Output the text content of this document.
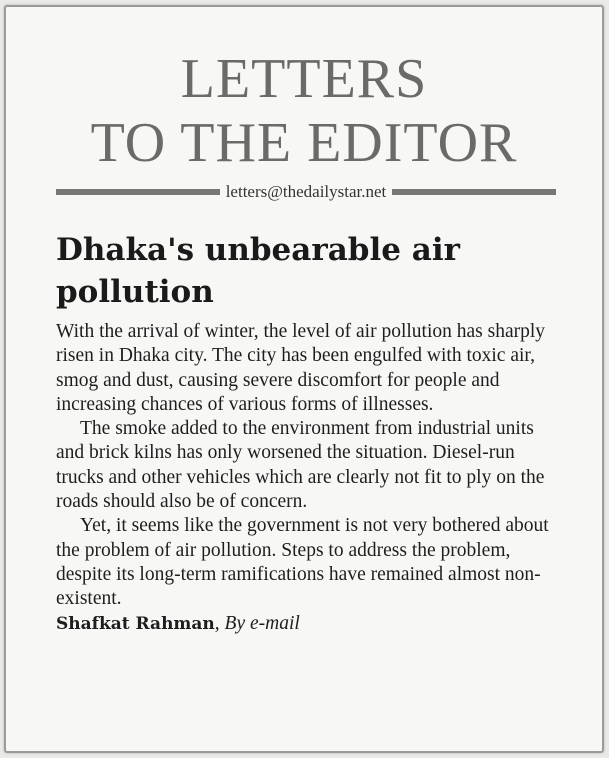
LETTERS
TO THE EDITOR
letters@thedailystar.net
Dhaka's unbearable air pollution

With the arrival of winter, the level of air pollution has sharply risen in Dhaka city. The city has been engulfed with toxic air, smog and dust, causing severe discomfort for people and increasing chances of various forms of illnesses.

The smoke added to the environment from industrial units and brick kilns has only worsened the situation. Diesel-run trucks and other vehicles which are clearly not fit to ply on the roads should also be of concern.

Yet, it seems like the government is not very bothered about the problem of air pollution. Steps to address the problem, despite its long-term ramifications have remained almost non-existent.

Shafkat Rahman, By e-mail
